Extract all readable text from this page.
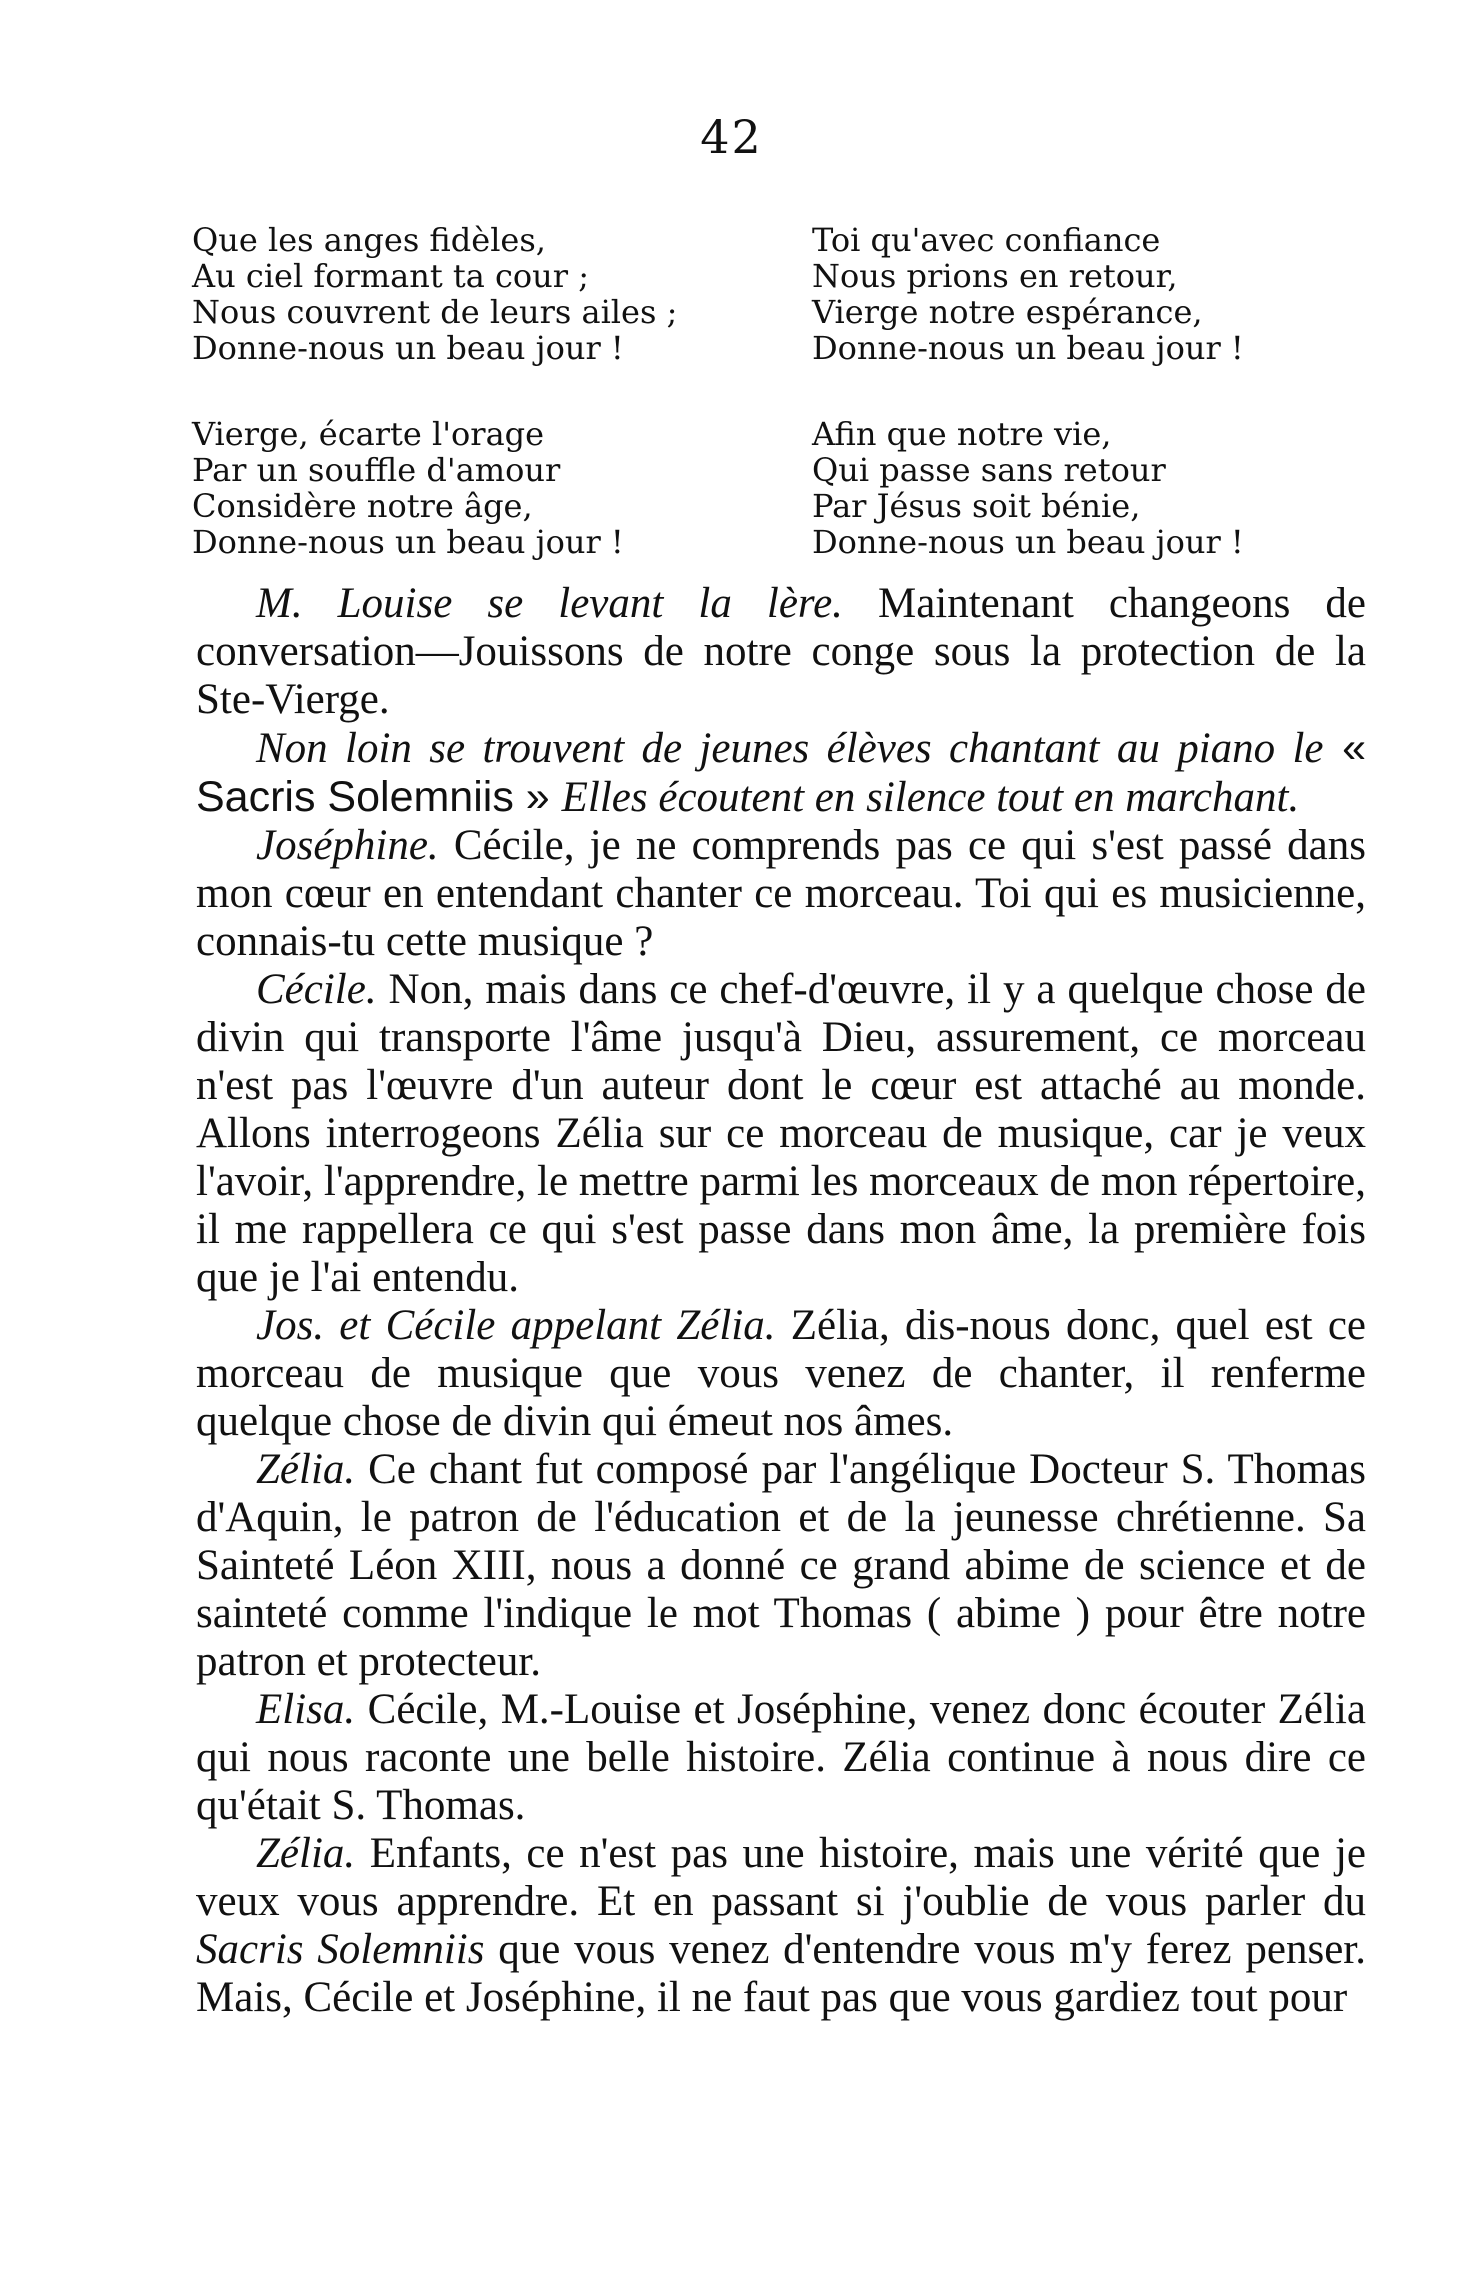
42
Que les anges fidèles,
Au ciel formant ta cour ;
Nous couvrent de leurs ailes ;
Donne-nous un beau jour !
Toi qu'avec confiance
Nous prions en retour,
Vierge notre espérance,
Donne-nous un beau jour !
Vierge, écarte l'orage
Par un souffle d'amour
Considère notre âge,
Donne-nous un beau jour !
Afin que notre vie,
Qui passe sans retour
Par Jésus soit bénie,
Donne-nous un beau jour !

M. Louise se levant la lère. Maintenant changeons de conversation—Jouissons de notre conge sous la protection de la Ste-Vierge.

Non loin se trouvent de jeunes élèves chantant au piano le « Sacris Solemniis » Elles écoutent en silence tout en marchant.

Joséphine. Cécile, je ne comprends pas ce qui s'est passé dans mon cœur en entendant chanter ce morceau. Toi qui es musicienne, connais-tu cette musique ?

Cécile. Non, mais dans ce chef-d'œuvre, il y a quelque chose de divin qui transporte l'âme jusqu'à Dieu, assurement, ce morceau n'est pas l'œuvre d'un auteur dont le cœur est attaché au monde. Allons interrogeons Zélia sur ce morceau de musique, car je veux l'avoir, l'apprendre, le mettre parmi les morceaux de mon répertoire, il me rappellera ce qui s'est passe dans mon âme, la première fois que je l'ai entendu.

Jos. et Cécile appelant Zélia. Zélia, dis-nous donc, quel est ce morceau de musique que vous venez de chanter, il renferme quelque chose de divin qui émeut nos âmes.

Zélia. Ce chant fut composé par l'angélique Docteur S. Thomas d'Aquin, le patron de l'éducation et de la jeunesse chrétienne. Sa Sainteté Léon XIII, nous a donné ce grand abime de science et de sainteté comme l'indique le mot Thomas ( abime ) pour être notre patron et protecteur.

Elisa. Cécile, M.-Louise et Joséphine, venez donc écouter Zélia qui nous raconte une belle histoire. Zélia continue à nous dire ce qu'était S. Thomas.

Zélia. Enfants, ce n'est pas une histoire, mais une vérité que je veux vous apprendre. Et en passant si j'oublie de vous parler du Sacris Solemniis que vous venez d'entendre vous m'y ferez penser. Mais, Cécile et Joséphine, il ne faut pas que vous gardiez tout pour
